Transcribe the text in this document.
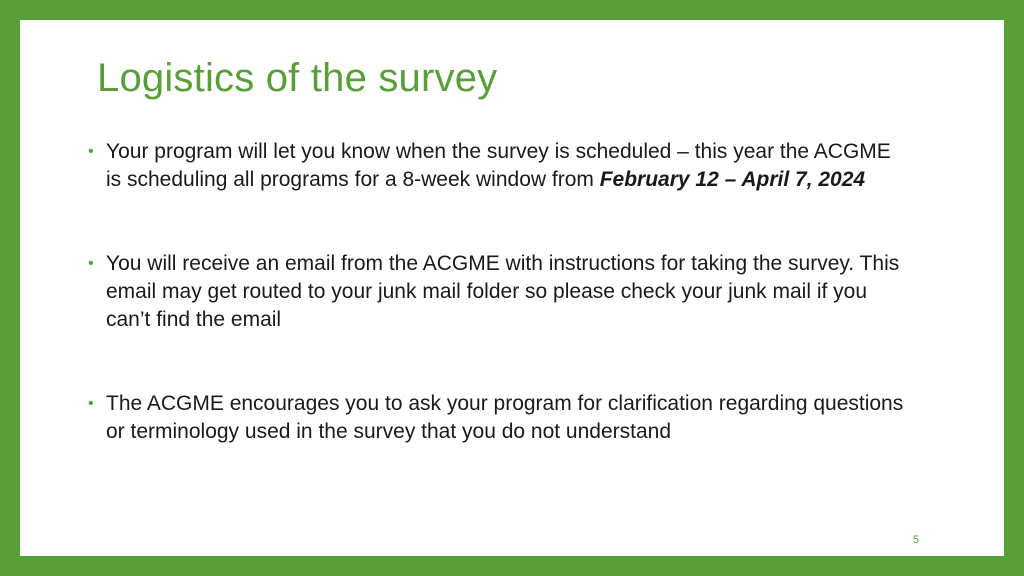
Logistics of the survey
• Your program will let you know when the survey is scheduled – this year the ACGME is scheduling all programs for a 8-week window from February 12 – April 7, 2024
• You will receive an email from the ACGME with instructions for taking the survey. This email may get routed to your junk mail folder so please check your junk mail if you can’t find the email
• The ACGME encourages you to ask your program for clarification regarding questions or terminology used in the survey that you do not understand
5
